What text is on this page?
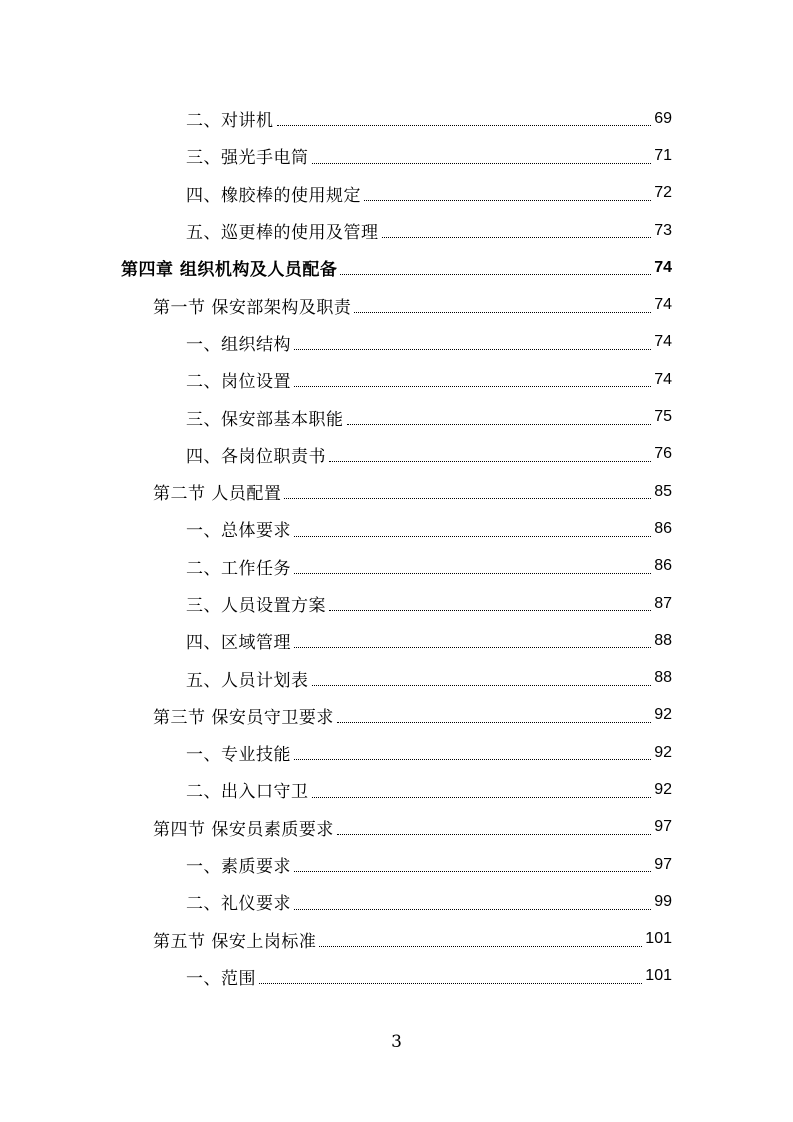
二、对讲机	69
三、强光手电筒	71
四、橡胶棒的使用规定	72
五、巡更棒的使用及管理	73
第四章 组织机构及人员配备	74
第一节 保安部架构及职责	74
一、组织结构	74
二、岗位设置	74
三、保安部基本职能	75
四、各岗位职责书	76
第二节 人员配置	85
一、总体要求	86
二、工作任务	86
三、人员设置方案	87
四、区域管理	88
五、人员计划表	88
第三节 保安员守卫要求	92
一、专业技能	92
二、出入口守卫	92
第四节 保安员素质要求	97
一、素质要求	97
二、礼仪要求	99
第五节 保安上岗标准	101
一、范围	101
3
